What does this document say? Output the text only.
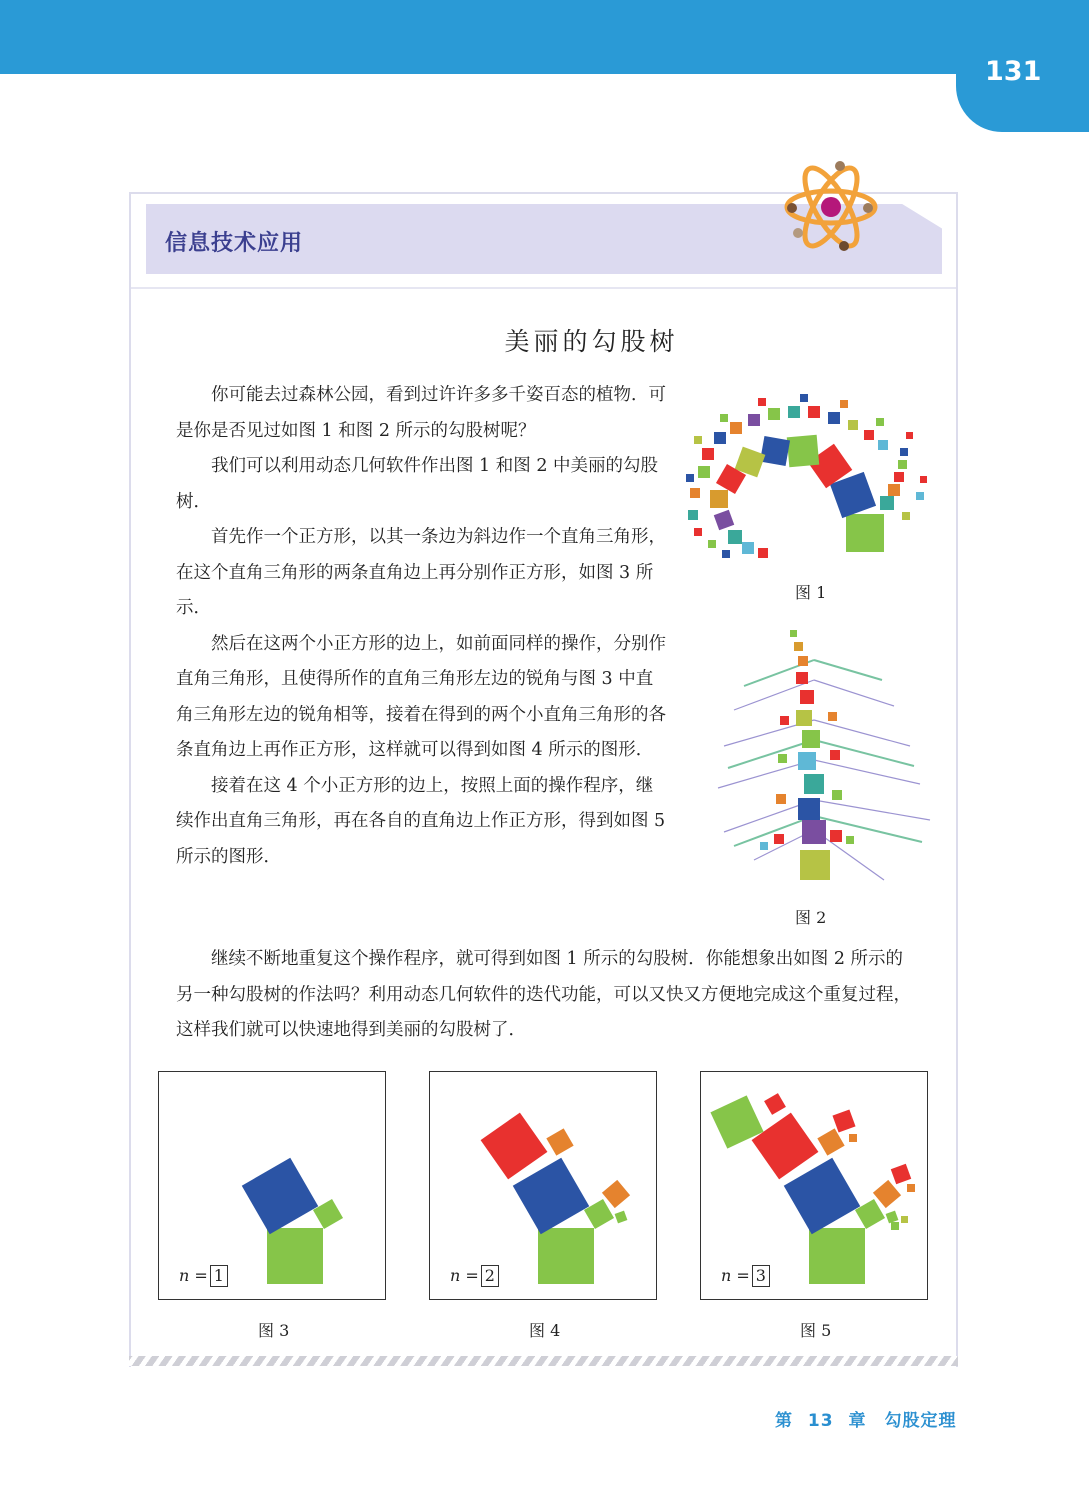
131
信息技术应用
美丽的勾股树

你可能去过森林公园，看到过许许多多千姿百态的植物．可是你是否见过如图 1 和图 2 所示的勾股树呢？

我们可以利用动态几何软件作出图 1 和图 2 中美丽的勾股树．

首先作一个正方形，以其一条边为斜边作一个直角三角形，在这个直角三角形的两条直角边上再分别作正方形，如图 3 所示．

然后在这两个小正方形的边上，如前面同样的操作，分别作直角三角形，且使得所作的直角三角形左边的锐角与图 3 中直角三角形左边的锐角相等，接着在得到的两个小直角三角形的各条直角边上再作正方形，这样就可以得到如图 4 所示的图形．

接着在这 4 个小正方形的边上，按照上面的操作程序，继续作出直角三角形，再在各自的直角边上作正方形，得到如图 5 所示的图形．

图 1
图 2

继续不断地重复这个操作程序，就可得到如图 1 所示的勾股树．你能想象出如图 2 所示的另一种勾股树的作法吗？利用动态几何软件的迭代功能，可以又快又方便地完成这个重复过程，这样我们就可以快速地得到美丽的勾股树了．

n = 1
图 3
n = 2
图 4
n = 3
图 5
第 13 章　勾股定理
